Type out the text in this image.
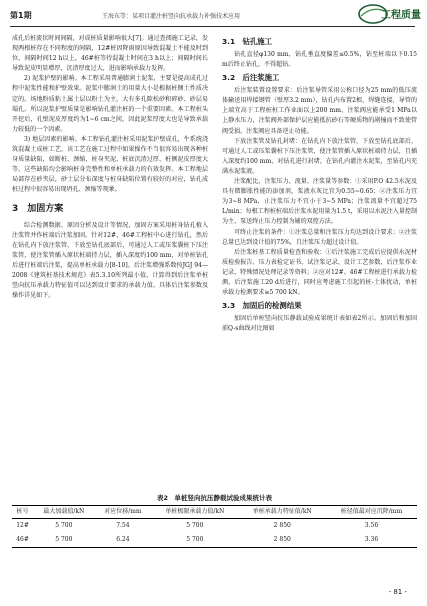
第1期	王海东等：某项目灌注桩竖向抗承载力补强技术应用	工程质量

成孔后桩流状时间间隔，对成桩质量影响很大[7]。通过查阅施工记录，发现两根桩存在不同程度的间隔，12#桩因降雨原因导致混凝土不能及时到位，间隔时间12 h以上，46#桩等待混凝土时间在3 h以上；间隔时间长导致泥皮明显增厚，沉渣厚度过大，进而影响承载力发挥。

2) 泥浆护壁的影响。本工程采用普通膨润土泥浆，主要是提高成孔过程中泥浆性能和护壁效果。泥浆中膨润土的用量大小是根据桩侧土性质决定的。场地粉质粘土属土层以粉土为主，大有多孔隙松砂和碎砂、砂层易塌孔。所以泥浆护壁质量是影响钻孔灌注桩的一个重要因素。本工程桩头开挖后，孔壁泥皮厚度约为1~6 cm之间，因此泥浆厚度大也是导致承载力较低的一个因素。

3) 地层因素的影响。本工程钻孔灌注桩采用泥浆护壁成孔，牛系统浇筑混凝土成桩工艺，该工艺在施工过程中如果操作不当很容易出现各种桩身质量缺陷，如断桩、颈缩、桩身夹泥、桩底沉渣过厚、桩侧泥皮厚度大等，这些缺陷均会影响桩身完整性和单桩承载力的有效发挥。本工程地层局部存在砂夹层，砂土层分布深度与桩身缺陷位置有较好的对应，钻孔成桩过程中很容易出现坍孔、颈缩等现象。

3　加固方案

综合检测数据、原因分析及设计等情况，加固方案采用桩身钻孔植入注浆管并作桩端后注浆加固。针对12#、46#工程桩中心进行钻孔，然后在钻孔内下放注浆管，下放至钻孔底部后，可通过人工或压浆囊桩下压注浆管，使注浆管插入原状桩端持力层，插入深度约100 mm，对单桩钻孔后进行桩端后注浆，提高单桩承载力[8-10]。后注浆增强系数按JGJ 94—2008《建筑桩基技术规范》表5.3.10所列最小值，计算得到后注浆单桩竖向抗压承载力特征值可以达到设计要求的承载力值。具体后注浆参数及操作详见如下。

3.1　钻孔施工

钻孔直径φ130 mm，钻孔垂直度偏差≤0.5%，钻至桩端以下0.15 m后终止钻孔，不得超钻。

3.2　后注浆施工

后注浆装置设置要求：后注浆导管采用公称口径为25 mm的低压流体输送用焊接钢管（壁厚3.2 mm），钻孔内布置2根，焊缝连接，导管的上端宜高于工程桩桩工作业面以上200 mm，注浆阀应能承受1 MPa以上静水压力，注浆阀外部保护层应能抵抗砂石等硬质物的剐撞而不致使管阀受损。注浆阀应具备逆止功能。

下放注浆管及钻孔封堵：在钻孔内下放注浆管，下放至钻孔底部后，可通过人工或压浆囊桩下压注浆管，使注浆管插入原状桩端持力层，且插入深度约100 mm，对钻孔进行封堵，在钻孔内灌注水泥浆，至钻孔内充满水泥浆液。

注浆配比、注浆压力、流量、注浆量等参数：①采用P.O 42.5水泥及具有微膨胀性能的添加剂，浆液水灰比宜为0.55~0.65；②注浆压力宜为3~8 MPa，止注浆压力不宜小于3~5 MPa；注浆流量不宜超过75 L/min；每根工程桩桩端后注浆水泥用量为1.5 t，采用以水泥注入量控制为主、泵送终止压力控制为辅的双控方法。

可终止注浆的条件：①注浆总量和注浆压力均达到设计要求；②注浆总量已达到设计值的75%，且注浆压力超过设计值。

后注浆桩基工程质量检查和验收：①后注浆施工完成后应提供水泥材质检验报告、压力表检定证书、试注浆记录、设计工艺参数、后注浆作业记录、特殊情况处理记录等资料；②应对12#、46#工程桩进行承载力检测，后注浆施工20 d后进行，同时应考虑施工引起的桩-土体扰动，单桩承载力检测要求≥5 700 kN。

3.3　加固后的检测结果

加固后单桩竖向抗压静载试验成果统计表如表2所示。加固后和加固前Q-s曲线对比图如

表2　单桩竖向抗压静载试验成果统计表
桩号	最大加载值/kN	对应位移/mm	单桩极限承载力值/kN	单桩承载力特征值/kN	桩径值最对应沉降/mm
12#	5 700	7.54	5 700	2 850	3.56
46#	5 700	6.24	5 700	2 850	3.36
- 81 -
